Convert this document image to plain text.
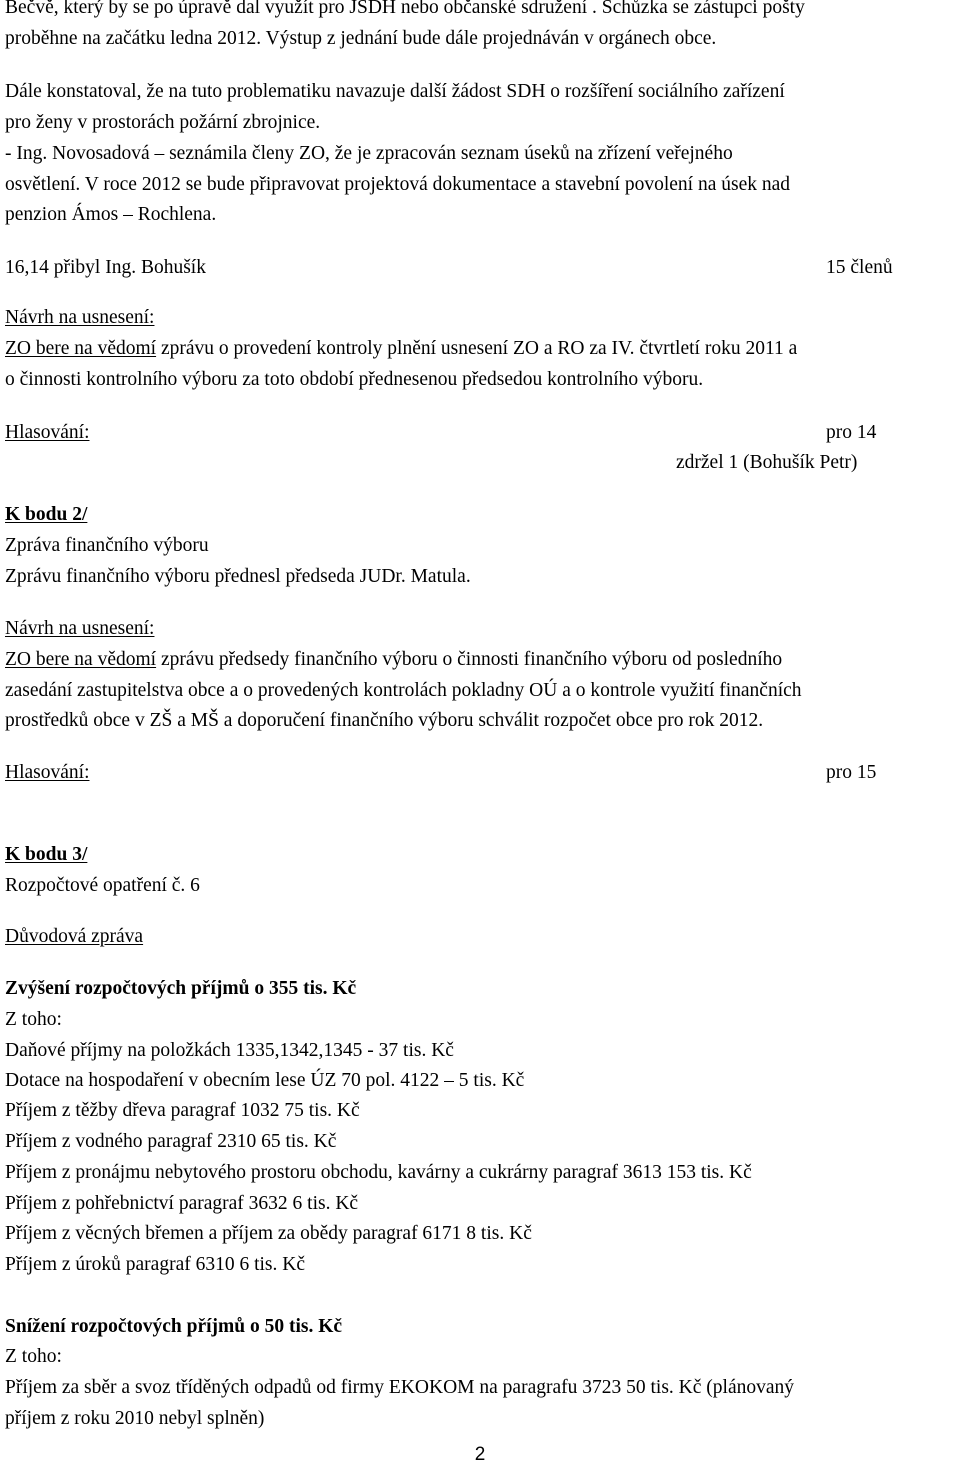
Bečvě, který by se po úpravě dal využít pro JSDH nebo občanské sdružení . Schůzka se zástupci pošty
proběhne na začátku ledna 2012. Výstup z jednání bude dále projednáván v orgánech obce.
Dále konstatoval, že na tuto problematiku navazuje další žádost SDH o rozšíření sociálního zařízení
pro ženy v prostorách požární zbrojnice.
- Ing. Novosadová – seznámila členy ZO, že je zpracován seznam úseků na zřízení veřejného
osvětlení. V roce 2012 se bude připravovat projektová dokumentace a stavební povolení na úsek nad
penzion Ámos – Rochlena.
16,14 přibyl Ing. Bohušík	15 členů
Návrh na usnesení:
ZO bere na vědomí zprávu o provedení kontroly plnění usnesení ZO a RO za IV. čtvrtletí roku 2011 a
o činnosti kontrolního výboru za toto období přednesenou předsedou kontrolního výboru.
Hlasování:	pro 14
zdržel 1 (Bohušík Petr)
K bodu 2/
Zpráva finančního výboru
Zprávu finančního výboru přednesl předseda JUDr. Matula.
Návrh na usnesení:
ZO bere na vědomí zprávu předsedy finančního výboru o činnosti finančního výboru od posledního
zasedání zastupitelstva obce a o provedených kontrolách pokladny OÚ a o kontrole využití finančních
prostředků obce v ZŠ a MŠ a doporučení finančního výboru schválit rozpočet obce pro rok 2012.
Hlasování:	pro 15
K bodu 3/
Rozpočtové opatření č. 6
Důvodová zpráva
Zvýšení rozpočtových příjmů o 355 tis. Kč
Z toho:
Daňové příjmy na položkách 1335,1342,1345 - 37 tis. Kč
Dotace na hospodaření v obecním lese ÚZ 70 pol. 4122 – 5 tis. Kč
Příjem z těžby dřeva paragraf 1032 75 tis. Kč
Příjem z vodného paragraf 2310 65 tis. Kč
Příjem z pronájmu nebytového prostoru obchodu, kavárny a cukrárny paragraf 3613 153 tis. Kč
Příjem z pohřebnictví paragraf 3632 6 tis. Kč
Příjem z věcných břemen a příjem za obědy paragraf 6171 8 tis. Kč
Příjem z úroků paragraf 6310 6 tis. Kč
Snížení rozpočtových příjmů o 50 tis. Kč
Z toho:
Příjem za sběr a svoz tříděných odpadů od firmy EKOKOM na paragrafu 3723 50 tis. Kč (plánovaný
příjem z roku 2010 nebyl splněn)
2
